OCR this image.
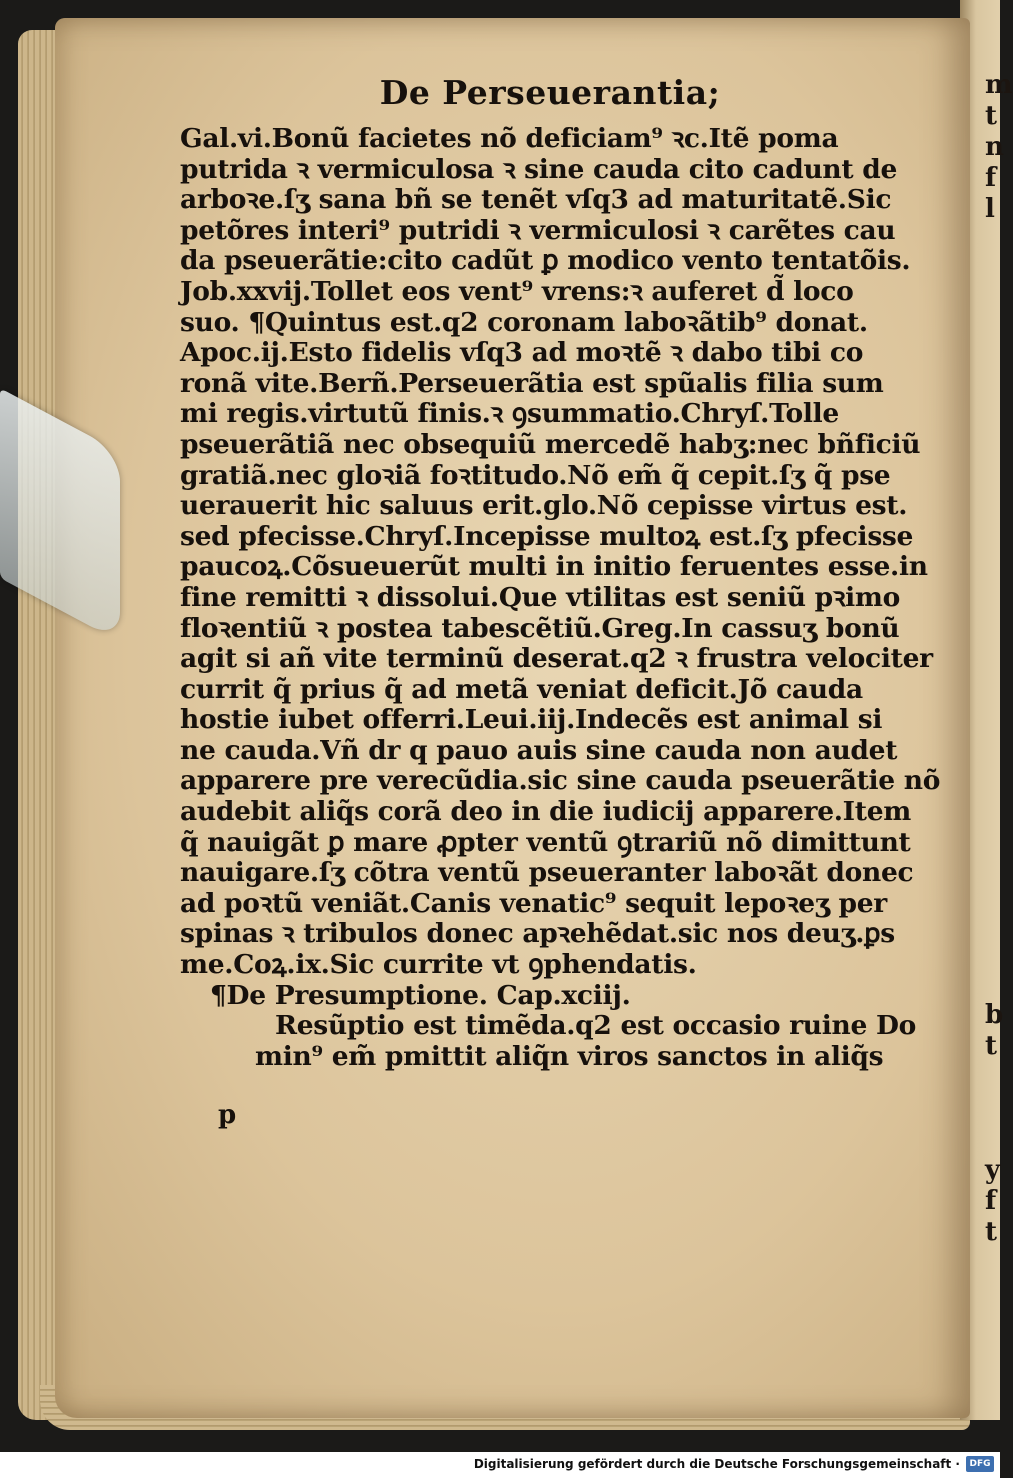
m
t
n
f
l

b
t

y
f
t
De Perseuerantia;
Gal.vi.Bonũ facietes nõ deficiam⁹ ꝛc.Itẽ poma
putrida ꝛ vermiculosa ꝛ sine cauda cito cadunt de
arboꝛe.ſʒ sana bñ se tenẽt vſq3 ad maturitatẽ.Sic
petõres interi⁹ putridi ꝛ vermiculosi ꝛ carẽtes cau
da pseuerãtie:cito cadũt ꝑ modico vento tentatõis.
Job.xxvij.Tollet eos vent⁹ vrens:ꝛ auferet d̃ loco
suo. ¶Quintus est.q2 coronam laboꝛãtib⁹ donat.
Apoc.ij.Esto fidelis vſq3 ad moꝛtẽ ꝛ dabo tibi co
ronã vite.Berñ.Perseuerãtia est spũalis filia sum
mi regis.virtutũ finis.ꝛ ꝯsummatio.Chryſ.Tolle
pseuerãtiã nec obsequiũ mercedẽ habʒ:nec bñficiũ
gratiã.nec gloꝛiã foꝛtitudo.Nõ em̃ q̃ cepit.ſʒ q̃ pse
uerauerit hic saluus erit.glo.Nõ cepisse virtus est.
sed pfecisse.Chryſ.Incepisse multoꝝ est.ſʒ pfecisse
paucoꝝ.Cõsueuerũt multi in initio feruentes esse.in
fine remitti ꝛ dissolui.Que vtilitas est seniũ pꝛimo
floꝛentiũ ꝛ postea tabescẽtiũ.Greg.In cassuʒ bonũ
agit si añ vite terminũ deserat.q2 ꝛ frustra velociter
currit q̃ prius q̃ ad metã veniat deficit.Jõ cauda
hostie iubet offerri.Leui.iij.Indecẽs est animal si
ne cauda.Vñ dr q pauo auis sine cauda non audet
apparere pre verecũdia.sic sine cauda pseuerãtie nõ
audebit aliq̃s corã deo in die iudicij apparere.Item
q̃ nauigãt ꝑ mare ꝓpter ventũ ꝯtrariũ nõ dimittunt
nauigare.ſʒ cõtra ventũ pseueranter laboꝛãt donec
ad poꝛtũ veniãt.Canis venatic⁹ sequit lepoꝛeʒ per
spinas ꝛ tribulos donec apꝛehẽdat.sic nos deuʒ.ꝑs
me.Coꝝ.ix.Sic currite vt ꝯphendatis.
¶De Presumptione. Cap.xciij.
Resũptio est timẽda.q2 est occasio ruine Do
min⁹ em̃ pmittit aliq̃n viros sanctos in aliq̃s
p
Digitalisierung gefördert durch die Deutsche Forschungsgemeinschaft ·	DFG
